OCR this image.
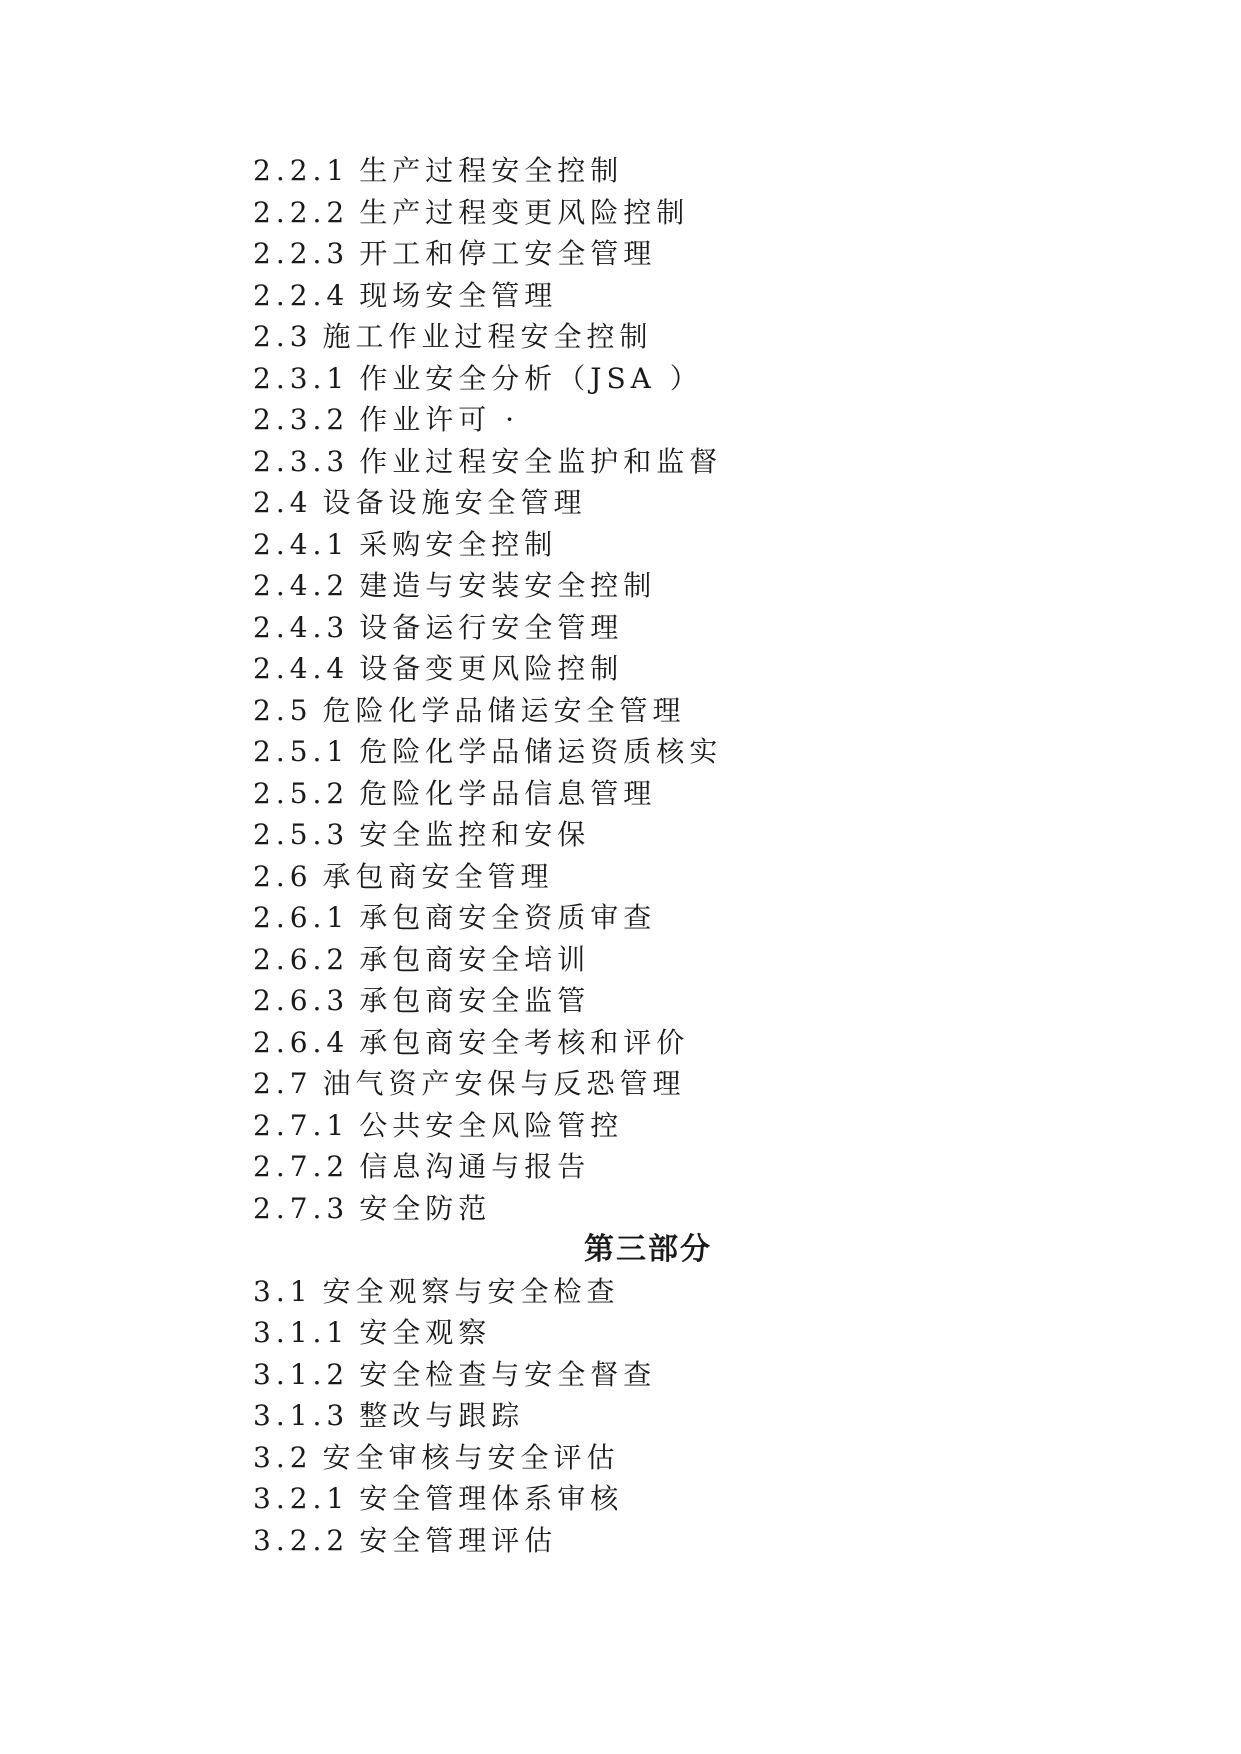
2.2.1 生产过程安全控制
2.2.2 生产过程变更风险控制
2.2.3 开工和停工安全管理
2.2.4 现场安全管理
2.3 施工作业过程安全控制
2.3.1 作业安全分析（JSA ）
2.3.2 作业许可 ·
2.3.3 作业过程安全监护和监督
2.4 设备设施安全管理
2.4.1 采购安全控制
2.4.2 建造与安装安全控制
2.4.3 设备运行安全管理
2.4.4 设备变更风险控制
2.5 危险化学品储运安全管理
2.5.1 危险化学品储运资质核实
2.5.2 危险化学品信息管理
2.5.3 安全监控和安保
2.6 承包商安全管理
2.6.1 承包商安全资质审查
2.6.2 承包商安全培训
2.6.3 承包商安全监管
2.6.4 承包商安全考核和评价
2.7 油气资产安保与反恐管理
2.7.1 公共安全风险管控
2.7.2 信息沟通与报告
2.7.3 安全防范
第三部分
3.1 安全观察与安全检查
3.1.1 安全观察
3.1.2 安全检查与安全督查
3.1.3 整改与跟踪
3.2 安全审核与安全评估
3.2.1 安全管理体系审核
3.2.2 安全管理评估
